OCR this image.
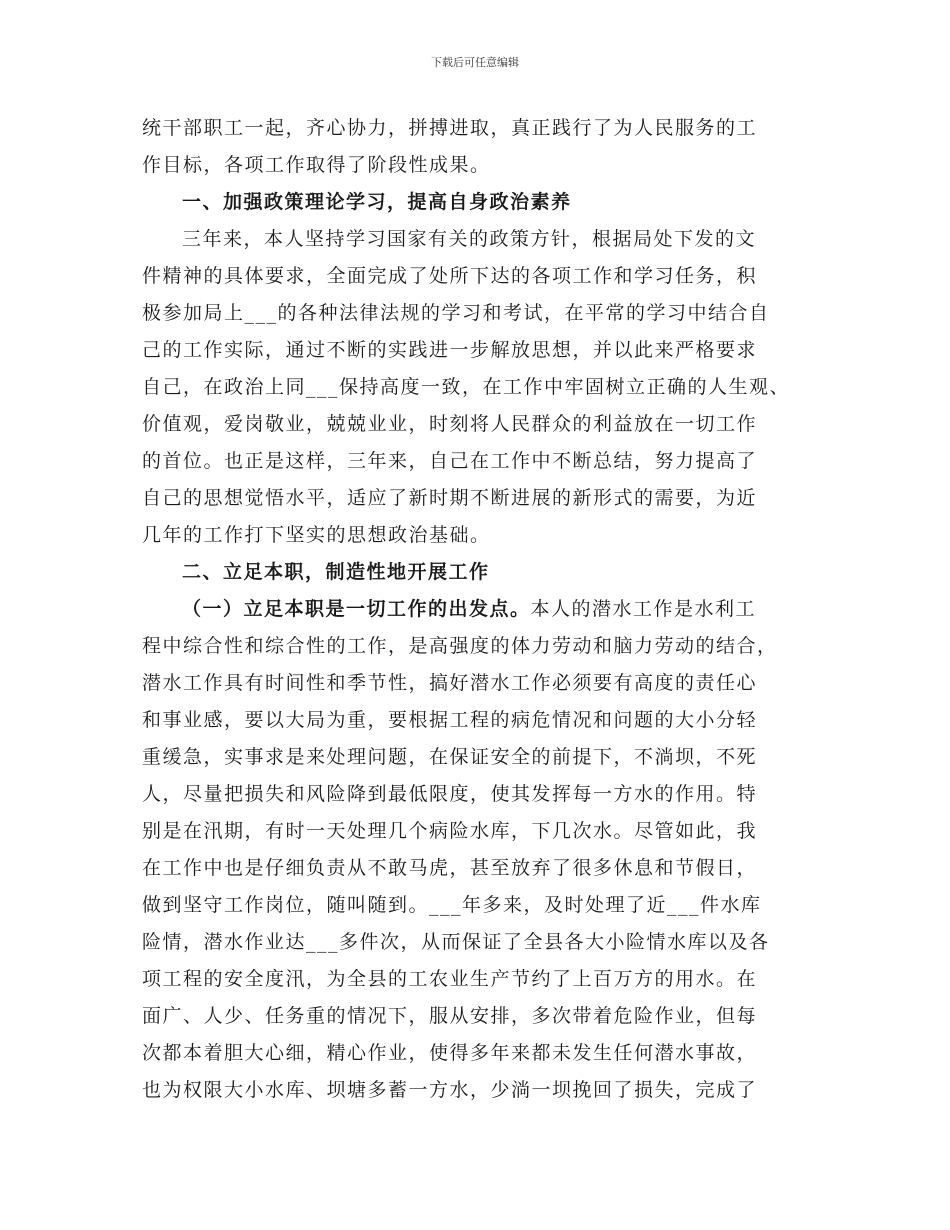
下载后可任意编辑
统干部职工一起，齐心协力，拼搏进取，真正践行了为人民服务的工
作目标，各项工作取得了阶段性成果。
一、加强政策理论学习，提高自身政治素养
三年来，本人坚持学习国家有关的政策方针，根据局处下发的文
件精神的具体要求，全面完成了处所下达的各项工作和学习任务，积
极参加局上___的各种法律法规的学习和考试，在平常的学习中结合自
己的工作实际，通过不断的实践进一步解放思想，并以此来严格要求
自己，在政治上同___保持高度一致，在工作中牢固树立正确的人生观、
价值观，爱岗敬业，兢兢业业，时刻将人民群众的利益放在一切工作
的首位。也正是这样，三年来，自己在工作中不断总结，努力提高了
自己的思想觉悟水平，适应了新时期不断进展的新形式的需要，为近
几年的工作打下坚实的思想政治基础。
二、立足本职，制造性地开展工作
（一）立足本职是一切工作的出发点。本人的潜水工作是水利工
程中综合性和综合性的工作，是高强度的体力劳动和脑力劳动的结合，
潜水工作具有时间性和季节性，搞好潜水工作必须要有高度的责任心
和事业感，要以大局为重，要根据工程的病危情况和问题的大小分轻
重缓急，实事求是来处理问题，在保证安全的前提下，不淌坝，不死
人，尽量把损失和风险降到最低限度，使其发挥每一方水的作用。特
别是在汛期，有时一天处理几个病险水库，下几次水。尽管如此，我
在工作中也是仔细负责从不敢马虎，甚至放弃了很多休息和节假日，
做到坚守工作岗位，随叫随到。___年多来，及时处理了近___件水库
险情，潜水作业达___多件次，从而保证了全县各大小险情水库以及各
项工程的安全度汛，为全县的工农业生产节约了上百万方的用水。在
面广、人少、任务重的情况下，服从安排，多次带着危险作业，但每
次都本着胆大心细，精心作业，使得多年来都未发生任何潜水事故，
也为权限大小水库、坝塘多蓄一方水，少淌一坝挽回了损失，完成了
